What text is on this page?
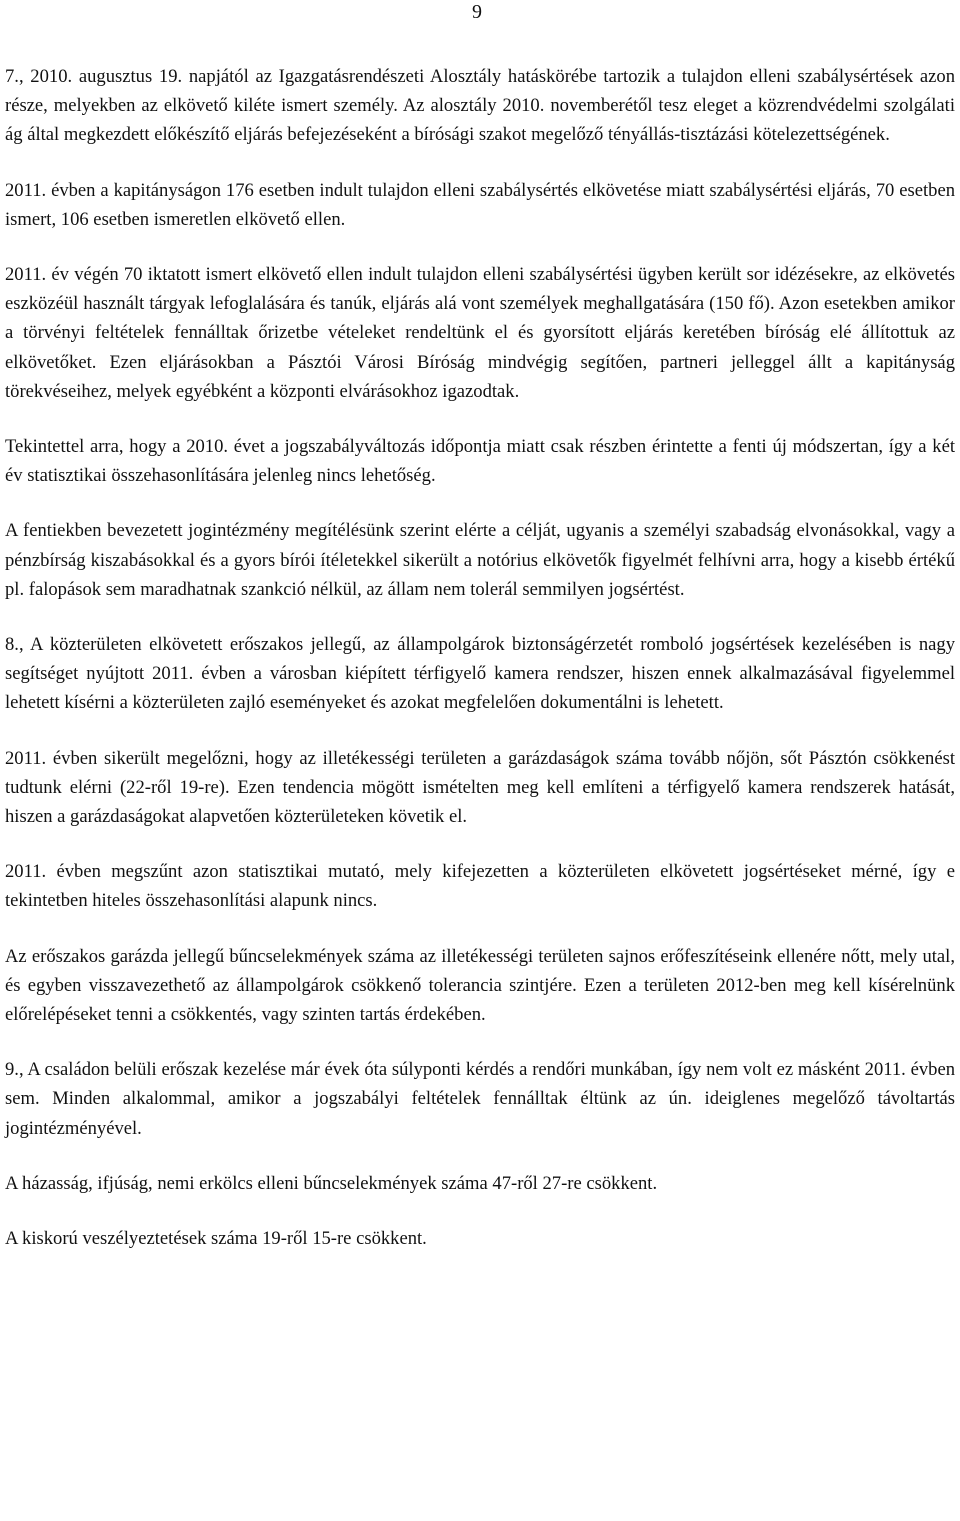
9

7., 2010. augusztus 19. napjától az Igazgatásrendészeti Alosztály hatáskörébe tartozik a tulajdon elleni szabálysértések azon része, melyekben az elkövető kiléte ismert személy. Az alosztály 2010. novemberétől tesz eleget a közrendvédelmi szolgálati ág által megkezdett előkészítő eljárás befejezéseként a bírósági szakot megelőző tényállás-tisztázási kötelezettségének.

2011. évben a kapitányságon 176 esetben indult tulajdon elleni szabálysértés elkövetése miatt szabálysértési eljárás, 70 esetben ismert, 106 esetben ismeretlen elkövető ellen.

2011. év végén 70 iktatott ismert elkövető ellen indult tulajdon elleni szabálysértési ügyben került sor idézésekre, az elkövetés eszközéül használt tárgyak lefoglalására és tanúk, eljárás alá vont személyek meghallgatására (150 fő). Azon esetekben amikor a törvényi feltételek fennálltak őrizetbe vételeket rendeltünk el és gyorsított eljárás keretében bíróság elé állítottuk az elkövetőket. Ezen eljárásokban a Pásztói Városi Bíróság mindvégig segítően, partneri jelleggel állt a kapitányság törekvéseihez, melyek egyébként a központi elvárásokhoz igazodtak.

Tekintettel arra, hogy a 2010. évet a jogszabályváltozás időpontja miatt csak részben érintette a fenti új módszertan, így a két év statisztikai összehasonlítására jelenleg nincs lehetőség.

A fentiekben bevezetett jogintézmény megítélésünk szerint elérte a célját, ugyanis a személyi szabadság elvonásokkal, vagy a pénzbírság kiszabásokkal és a gyors bírói ítéletekkel sikerült a notórius elkövetők figyelmét felhívni arra, hogy a kisebb értékű pl. falopások sem maradhatnak szankció nélkül, az állam nem tolerál semmilyen jogsértést.

8., A közterületen elkövetett erőszakos jellegű, az állampolgárok biztonságérzetét romboló jogsértések kezelésében is nagy segítséget nyújtott 2011. évben a városban kiépített térfigyelő kamera rendszer, hiszen ennek alkalmazásával figyelemmel lehetett kísérni a közterületen zajló eseményeket és azokat megfelelően dokumentálni is lehetett.

2011. évben sikerült megelőzni, hogy az illetékességi területen a garázdaságok száma tovább nőjön, sőt Pásztón csökkenést tudtunk elérni (22-ről 19-re). Ezen tendencia mögött ismételten meg kell említeni a térfigyelő kamera rendszerek hatását, hiszen a garázdaságokat alapvetően közterületeken követik el.

2011. évben megszűnt azon statisztikai mutató, mely kifejezetten a közterületen elkövetett jogsértéseket mérné, így e tekintetben hiteles összehasonlítási alapunk nincs.

Az erőszakos garázda jellegű bűncselekmények száma az illetékességi területen sajnos erőfeszítéseink ellenére nőtt, mely utal, és egyben visszavezethető az állampolgárok csökkenő tolerancia szintjére. Ezen a területen 2012-ben meg kell kísérelnünk előrelépéseket tenni a csökkentés, vagy szinten tartás érdekében.

9., A családon belüli erőszak kezelése már évek óta súlyponti kérdés a rendőri munkában, így nem volt ez másként 2011. évben sem. Minden alkalommal, amikor a jogszabályi feltételek fennálltak éltünk az ún. ideiglenes megelőző távoltartás jogintézményével.

A házasság, ifjúság, nemi erkölcs elleni bűncselekmények száma 47-ről 27-re csökkent.

A kiskorú veszélyeztetések száma 19-ről 15-re csökkent.
